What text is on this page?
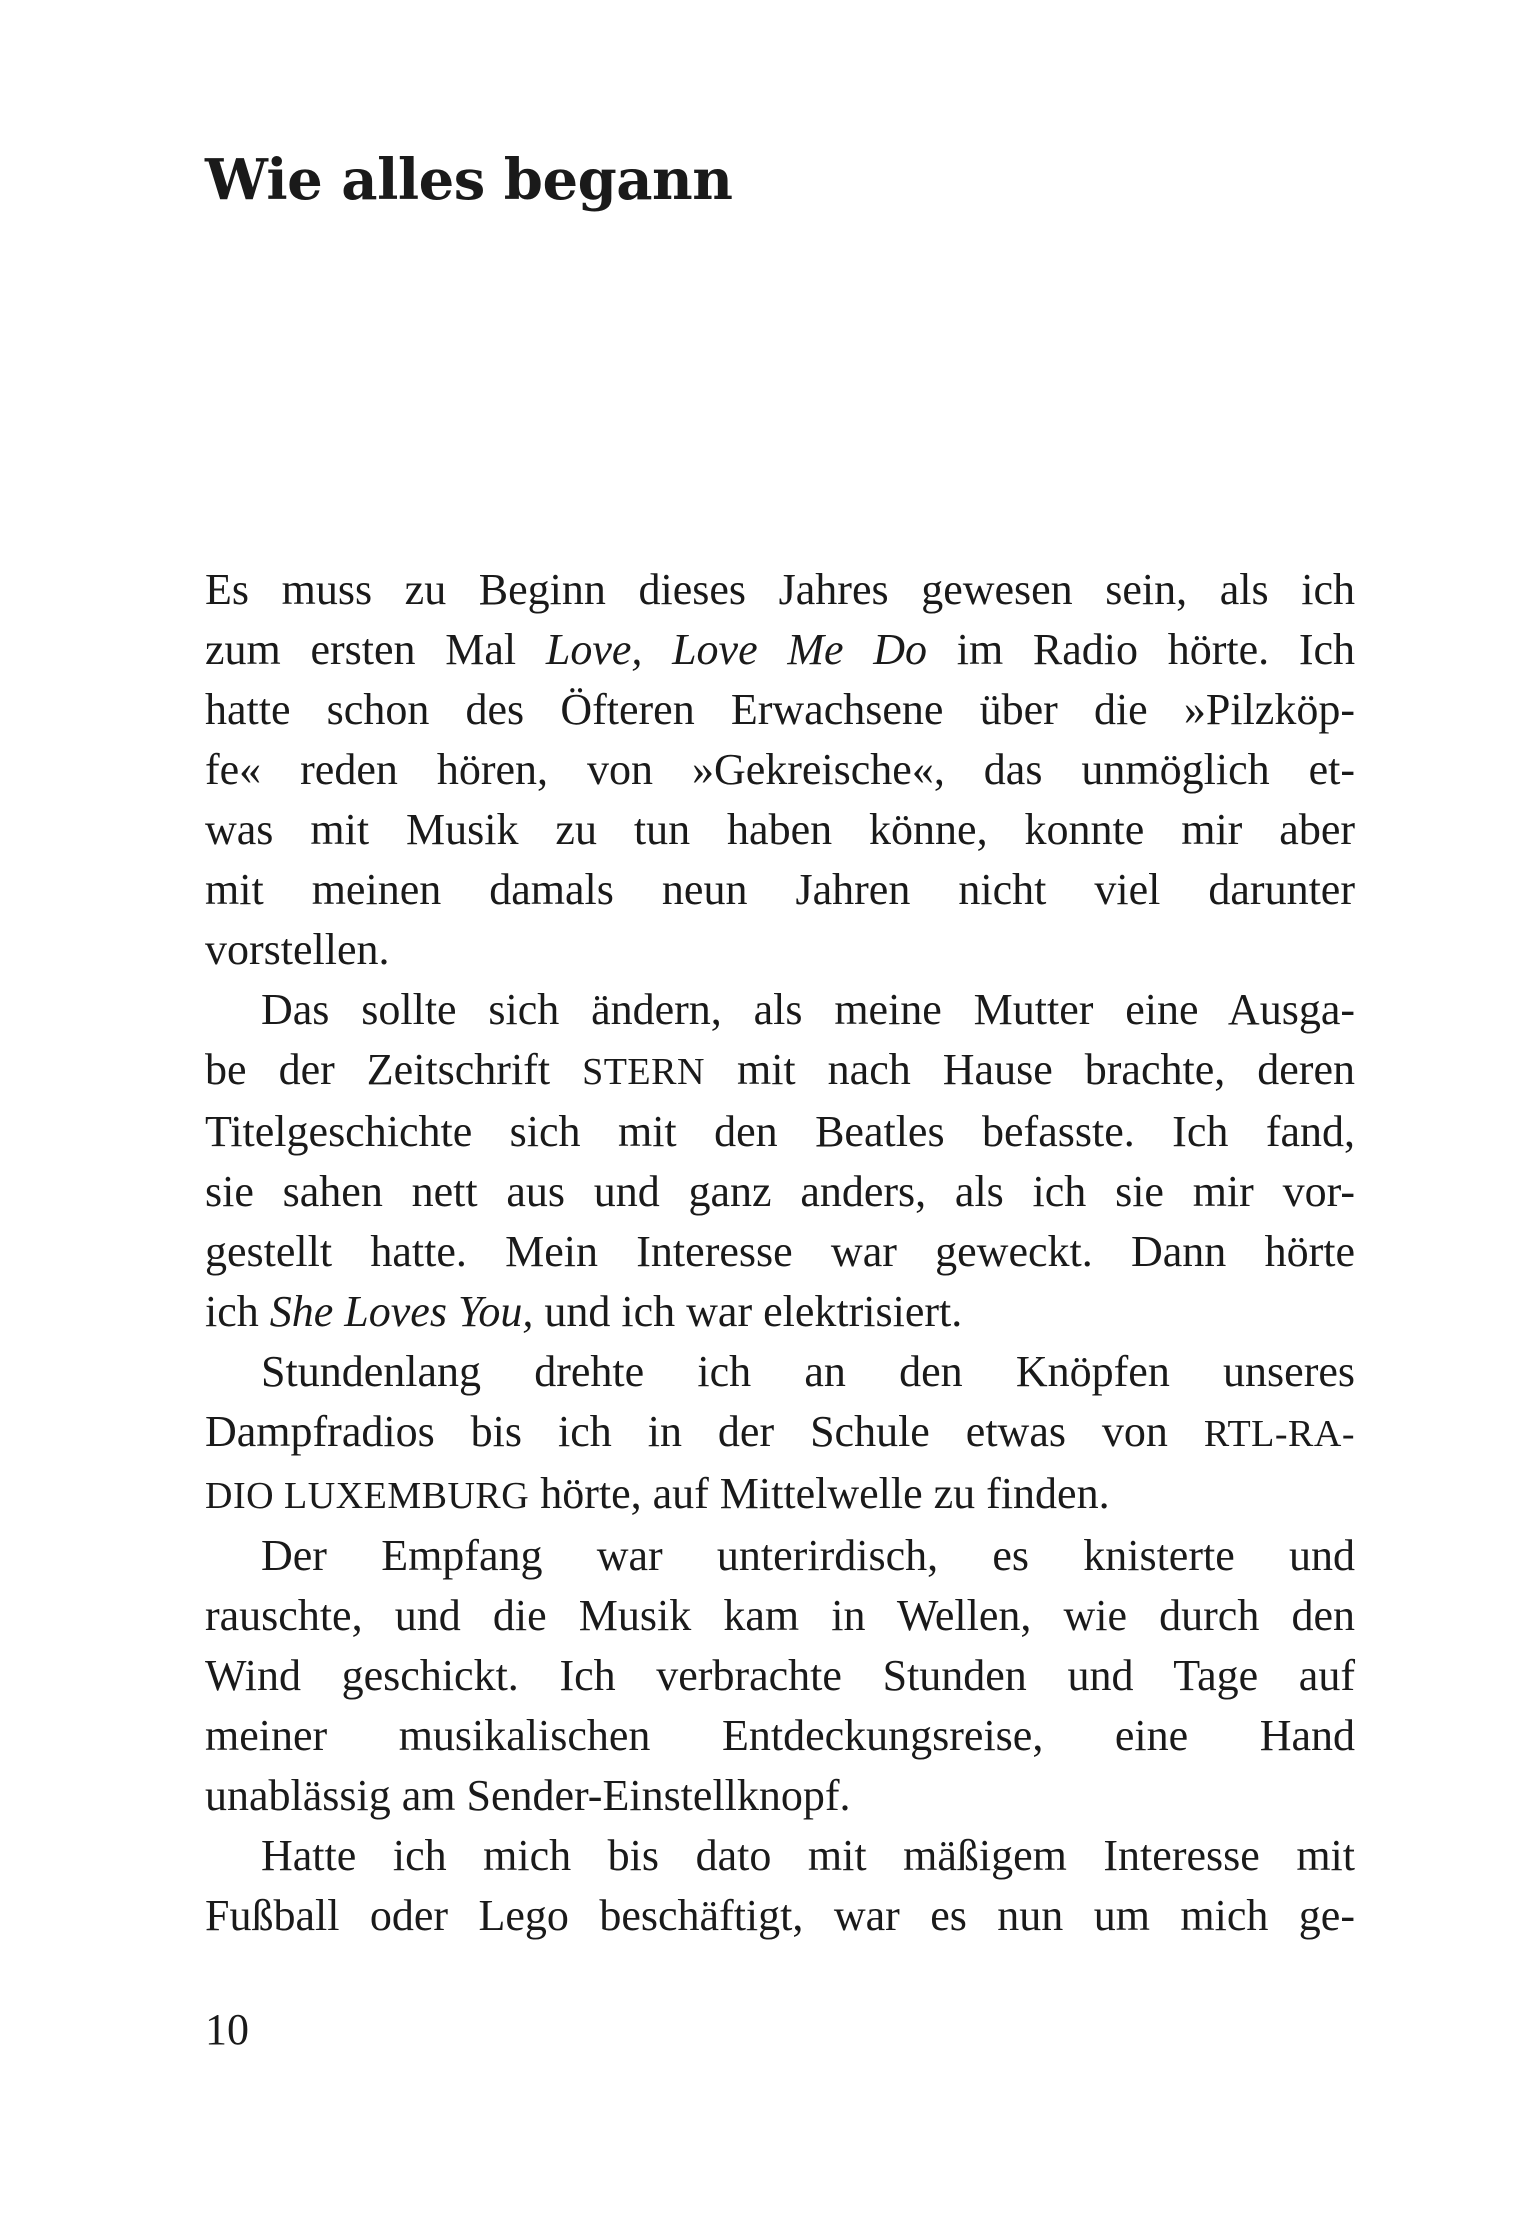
Wie alles begann

Es muss zu Beginn dieses Jahres gewesen sein, als ich
zum ersten Mal Love, Love Me Do im Radio hörte. Ich
hatte schon des Öfteren Erwachsene über die »Pilzköp-
fe« reden hören, von »Gekreische«, das unmöglich et-
was mit Musik zu tun haben könne, konnte mir aber
mit meinen damals neun Jahren nicht viel darunter
vorstellen.

Das sollte sich ändern, als meine Mutter eine Ausga-
be der Zeitschrift STERN mit nach Hause brachte, deren
Titelgeschichte sich mit den Beatles befasste. Ich fand,
sie sahen nett aus und ganz anders, als ich sie mir vor-
gestellt hatte. Mein Interesse war geweckt. Dann hörte
ich She Loves You, und ich war elektrisiert.

Stundenlang drehte ich an den Knöpfen unseres
Dampfradios bis ich in der Schule etwas von RTL-RA-
DIO LUXEMBURG hörte, auf Mittelwelle zu finden.

Der Empfang war unterirdisch, es knisterte und
rauschte, und die Musik kam in Wellen, wie durch den
Wind geschickt. Ich verbrachte Stunden und Tage auf
meiner musikalischen Entdeckungsreise, eine Hand
unablässig am Sender-Einstellknopf.

Hatte ich mich bis dato mit mäßigem Interesse mit
Fußball oder Lego beschäftigt, war es nun um mich ge-

10
